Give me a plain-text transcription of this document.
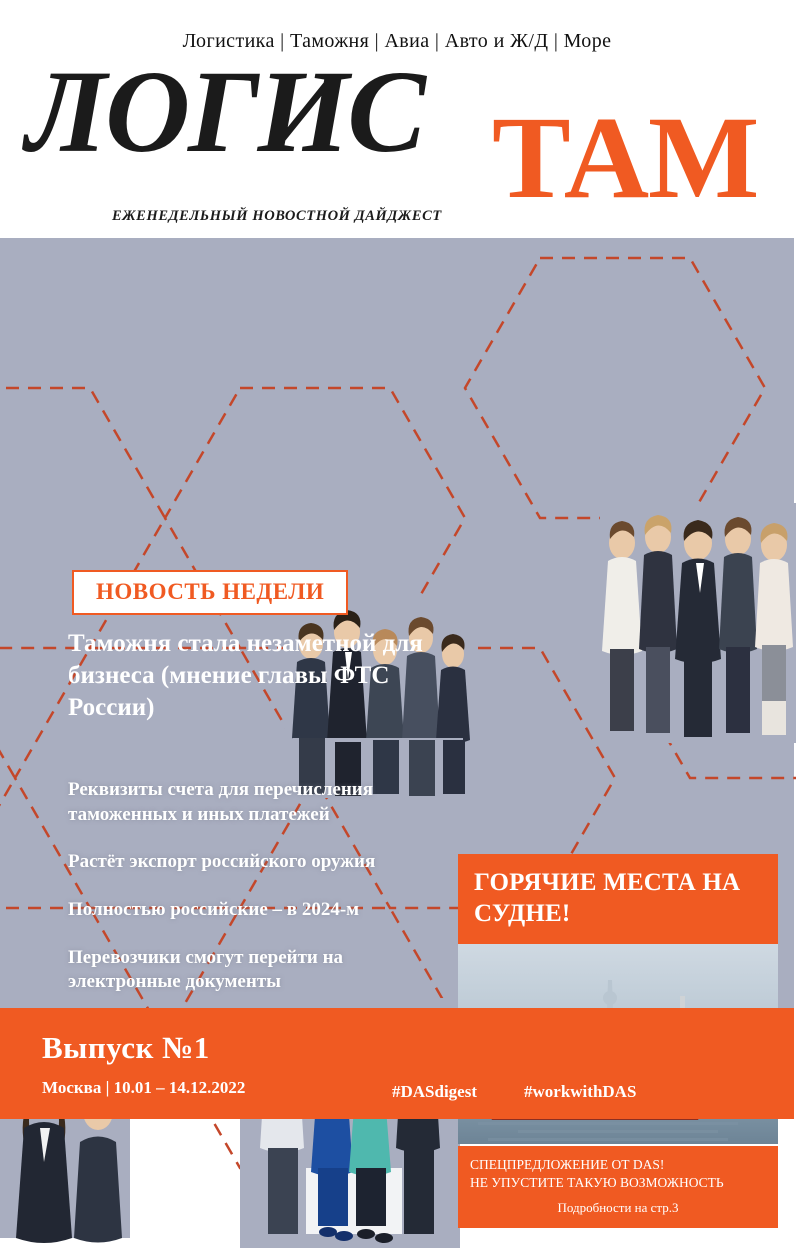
Логистика | Таможня | Авиа | Авто и Ж/Д | Море
ЛОГИС ТАМ
ЕЖЕНЕДЕЛЬНЫЙ НОВОСТНОЙ ДАЙДЖЕСТ
НОВОСТЬ НЕДЕЛИ
Таможня стала незаметной для бизнеса (мнение главы ФТС России)
Реквизиты счета для перечисления таможенных и иных платежей
Растёт экспорт российского оружия
Полностью российские – в 2024-м
Перевозчики смогут перейти на электронные документы
ГОРЯЧИЕ МЕСТА НА СУДНЕ!
СПЕЦПРЕДЛОЖЕНИЕ ОТ DAS!
НЕ УПУСТИТЕ ТАКУЮ ВОЗМОЖНОСТЬ
Подробности на стр.3
Выпуск №1
Москва | 10.01 – 14.12.2022	#DASdigest	#workwithDAS
